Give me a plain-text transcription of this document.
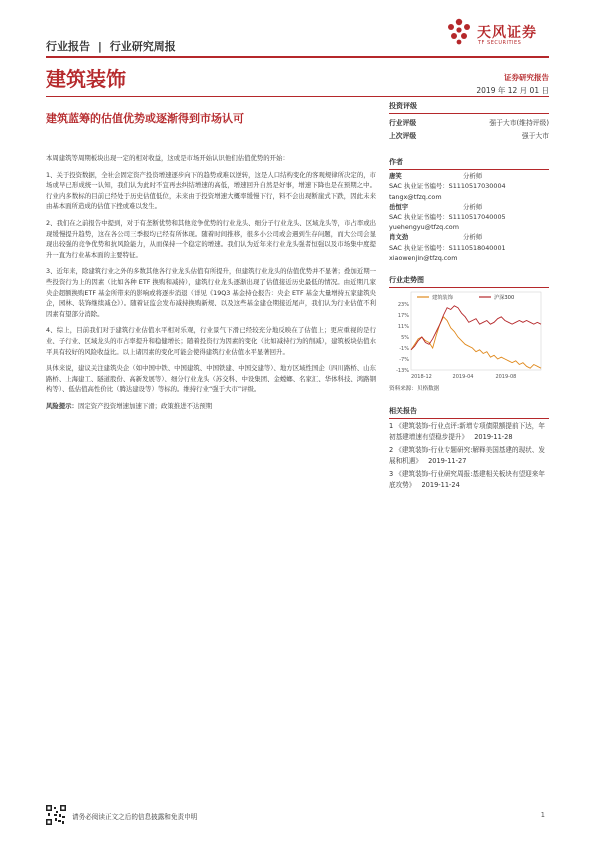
行业报告 | 行业研究周报
天风证券
TF SECURITIES
建筑装饰	证券研究报告
2019 年 12 月 01 日
建筑蓝筹的估值优势或逐渐得到市场认可
投资评级
行业评级	强于大市(维持评级)
上次评级	强于大市
作者
唐笑	分析师
SAC 执业证书编号：S1110517030004
tangx@tfzq.com
岳恒宇	分析师
SAC 执业证书编号：S1110517040005
yuehengyu@tfzq.com
肖文劲	分析师
SAC 执业证书编号：S1110518040001
xiaowenjin@tfzq.com
行业走势图
建筑装饰	沪深300
23%
17%
11%
5%
-1%
-7%
-13%
2018-12	2019-04	2019-08
资料来源：贝格数据
相关报告
1 《建筑装饰-行业点评:新增专项债限额提前下达，年初基建增速有望稳步提升》 2019-11-28
2 《建筑装饰-行业专题研究:解释美国基建的现状、发展和机遇》 2019-11-27
3 《建筑装饰-行业研究周报:基建相关板块有望迎来年底攻势》 2019-11-24

本周建筑等周期板块出现一定的相对收益，这或是市场开始认识他们估值优势的开始：

1、关于投资数据，全社会固定资产投资增速逐步向下的趋势或难以逆转，这是人口结构变化的客观规律所决定的，市场或早已形成统一认知，我们认为此时不宜再去纠结增速的高低，增速回升自然是好事，增速下降也是在预期之中。行业内多数标的目前已经处于历史估值低位，未来由于投资增速大概率缓慢下行，料不会出现断崖式下跌，因此未来由基本面所造成的估值下挫或难以发生。

2、我们在之前报告中提到，对于有垄断优势和其他竞争优势的行业龙头、细分子行业龙头、区域龙头等，市占率或出现缓慢提升趋势，这在各公司三季报均已经有所体现。随着时间推移，很多小公司或会遇到生存问题，而大公司会显现出较强的竞争优势和抗风险能力，从而保持一个稳定的增速。我们认为近年来行业龙头强者恒强以及市场集中度提升一直为行业基本面的主要特征。

3、近年来，除建筑行业之外的多数其他各行业龙头估值有所提升，但建筑行业龙头的估值优势并不显著；叠加近期一些投资行为上的因素（比如各种 ETF 换购和减持），建筑行业龙头逐渐出现了估值接近历史最低的情况。由近期几家央企超额换购ETF 基金所带来的影响或将逐步消退（详见《19Q3 基金持仓报告：央企 ETF 基金大量增持五家建筑央企，园林、装饰继续减仓》）。随着证监会发布减持换购新规、以及这些基金建仓期接近尾声，我们认为行业估值不利因素有望部分消除。

4、综上，目前我们对于建筑行业估值水平相对乐观，行业景气下滑已经较充分地反映在了估值上；更应重视的是行业、子行业、区域龙头的市占率提升和稳健增长；随着投资行为因素的变化（比如减持行为的削减），建筑板块估值水平具有较好的风险收益比。以上诸因素的变化可能会使得建筑行业估值水平显著回升。

具体来说，建议关注建筑央企（如中国中铁、中国建筑、中国铁建、中国交建等）、地方区域性国企（四川路桥、山东路桥、上海建工、隧道股份、高新发展等）、细分行业龙头（苏交科、中设集团、金螳螂、名家汇、华体科技、鸿路钢构等）、低估值高性价比（腾达建设等）等标的。维持行业“强于大市”评级。

风险提示：固定资产投资增速加速下滑；政策推进不达预期

请务必阅读正文之后的信息披露和免责申明	1
